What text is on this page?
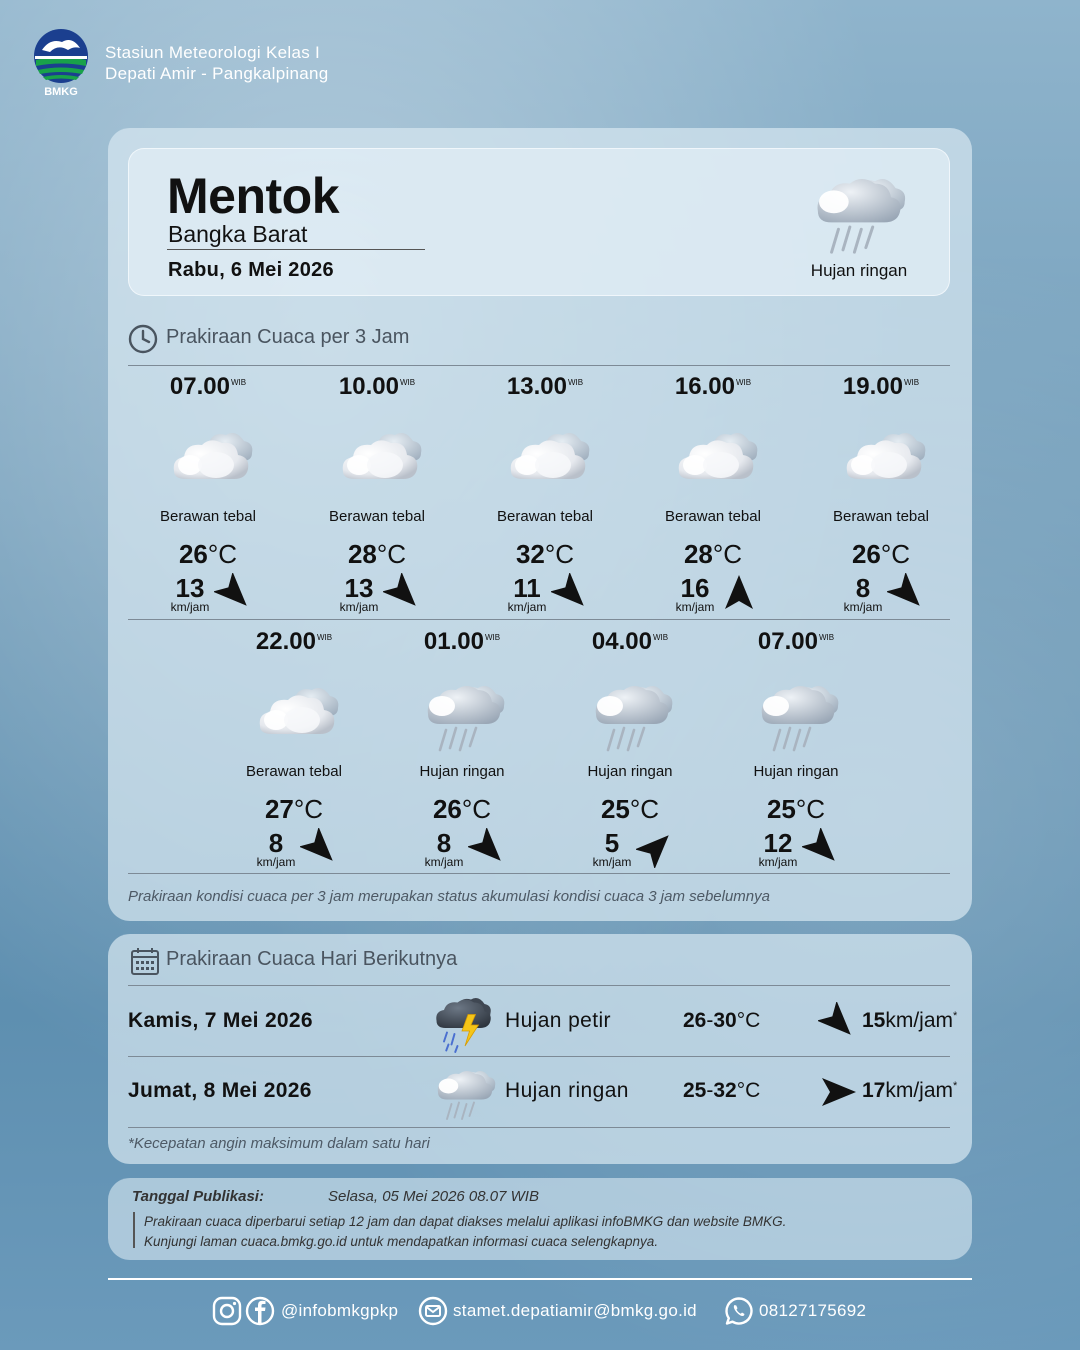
BMKG
Stasiun Meteorologi Kelas I
Depati Amir - Pangkalpinang
Mentok
Bangka Barat
Rabu, 6 Mei 2026	Hujan ringan
Prakiraan Cuaca per 3 Jam
$07.00^{WIB}$
Berawan tebal
26°C
13
km/jam
$10.00^{WIB}$
Berawan tebal
28°C
13
km/jam
$13.00^{WIB}$
Berawan tebal
32°C
11
km/jam
$16.00^{WIB}$
Berawan tebal
28°C
16
km/jam
$19.00^{WIB}$
Berawan tebal
26°C
8
km/jam
$22.00^{WIB}$
Berawan tebal
27°C
8
km/jam
$01.00^{WIB}$
Hujan ringan
26°C
8
km/jam
$04.00^{WIB}$
Hujan ringan
25°C
5
km/jam
$07.00^{WIB}$
Hujan ringan
25°C
12
km/jam
Prakiraan kondisi cuaca per 3 jam merupakan status akumulasi kondisi cuaca 3 jam sebelumnya
Prakiraan Cuaca Hari Berikutnya
Kamis, 7 Mei 2026	Hujan petir	26-30°C	15km/jam*
Jumat, 8 Mei 2026	Hujan ringan	25-32°C	17km/jam*
*Kecepatan angin maksimum dalam satu hari
Tanggal Publikasi:	Selasa, 05 Mei 2026 08.07 WIB
Prakiraan cuaca diperbarui setiap 12 jam dan dapat diakses melalui aplikasi infoBMKG dan website BMKG.
Kunjungi laman cuaca.bmkg.go.id untuk mendapatkan informasi cuaca selengkapnya.
@infobmkgpkp	stamet.depatiamir@bmkg.go.id	08127175692
